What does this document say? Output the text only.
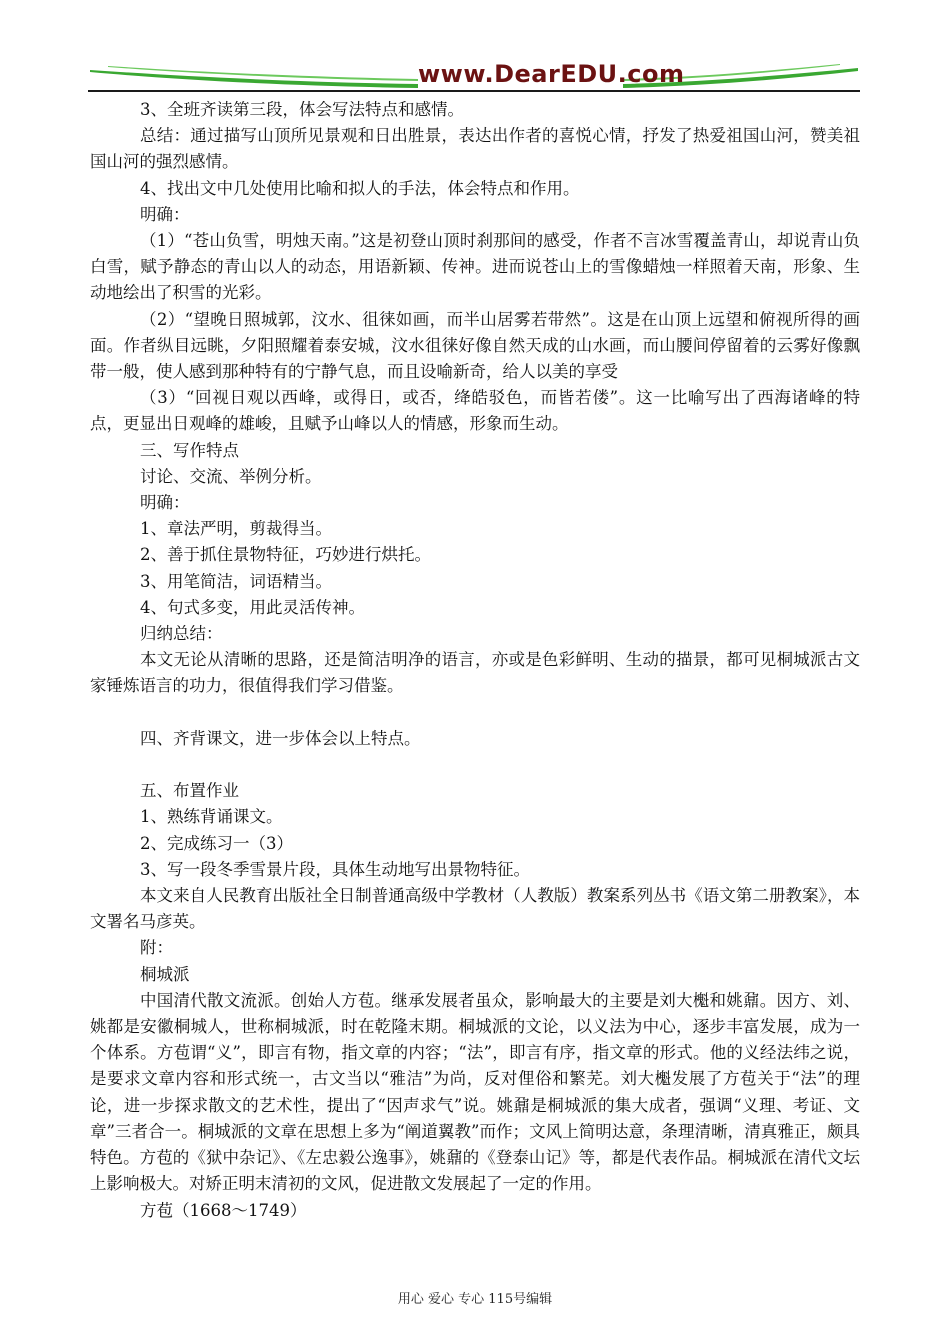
www.DearEDU.com

3、全班齐读第三段，体会写法特点和感情。

总结：通过描写山顶所见景观和日出胜景，表达出作者的喜悦心情，抒发了热爱祖国山河，赞美祖国山河的强烈感情。

4、找出文中几处使用比喻和拟人的手法，体会特点和作用。

明确：

（1）“苍山负雪，明烛天南。”这是初登山顶时刹那间的感受，作者不言冰雪覆盖青山，却说青山负白雪，赋予静态的青山以人的动态，用语新颖、传神。进而说苍山上的雪像蜡烛一样照着天南，形象、生动地绘出了积雪的光彩。

（2）“望晚日照城郭，汶水、徂徕如画，而半山居雾若带然”。这是在山顶上远望和俯视所得的画面。作者纵目远眺，夕阳照耀着泰安城，汶水徂徕好像自然天成的山水画，而山腰间停留着的云雾好像飘带一般，使人感到那种特有的宁静气息，而且设喻新奇，给人以美的享受

（3）“回视日观以西峰，或得日，或否，绛皓驳色，而皆若偻”。这一比喻写出了西海诸峰的特点，更显出日观峰的雄峻，且赋予山峰以人的情感，形象而生动。

三、写作特点

讨论、交流、举例分析。

明确：

1、章法严明，剪裁得当。

2、善于抓住景物特征，巧妙进行烘托。

3、用笔简洁，词语精当。

4、句式多变，用此灵活传神。

归纳总结：

本文无论从清晰的思路，还是简洁明净的语言，亦或是色彩鲜明、生动的描景，都可见桐城派古文家锤炼语言的功力，很值得我们学习借鉴。

四、齐背课文，进一步体会以上特点。

五、布置作业

1、熟练背诵课文。

2、完成练习一（3）

3、写一段冬季雪景片段，具体生动地写出景物特征。

本文来自人民教育出版社全日制普通高级中学教材（人教版）教案系列丛书《语文第二册教案》，本文署名马彦英。

附：

桐城派

中国清代散文流派。创始人方苞。继承发展者虽众，影响最大的主要是刘大櫆和姚鼐。因方、刘、姚都是安徽桐城人，世称桐城派，时在乾隆末期。桐城派的文论，以义法为中心，逐步丰富发展，成为一个体系。方苞谓“义”，即言有物，指文章的内容；“法”，即言有序，指文章的形式。他的义经法纬之说，是要求文章内容和形式统一，古文当以“雅洁”为尚，反对俚俗和繁芜。刘大櫆发展了方苞关于“法”的理论，进一步探求散文的艺术性，提出了“因声求气”说。姚鼐是桐城派的集大成者，强调“义理、考证、文章”三者合一。桐城派的文章在思想上多为“阐道翼教”而作；文风上简明达意，条理清晰，清真雅正，颇具特色。方苞的《狱中杂记》、《左忠毅公逸事》，姚鼐的《登泰山记》等，都是代表作品。桐城派在清代文坛上影响极大。对矫正明末清初的文风，促进散文发展起了一定的作用。

方苞（1668～1749）

用心 爱心 专心 115号编辑
